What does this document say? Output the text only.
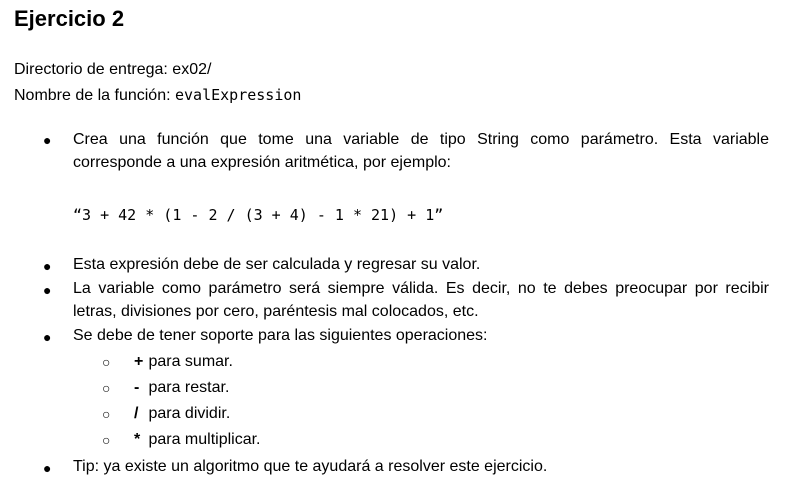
Ejercicio 2
Directorio de entrega: ex02/
Nombre de la función: evalExpression
● Crea una función que tome una variable de tipo String como parámetro. Esta variable corresponde a una expresión aritmética, por ejemplo:
“3 + 42 * (1 - 2 / (3 + 4) - 1 * 21) + 1”
● Esta expresión debe de ser calculada y regresar su valor.
● La variable como parámetro será siempre válida. Es decir, no te debes preocupar por recibir letras, divisiones por cero, paréntesis mal colocados, etc.
● Se debe de tener soporte para las siguientes operaciones:
○ + para sumar.
○ - para restar.
○ / para dividir.
○ * para multiplicar.
● Tip: ya existe un algoritmo que te ayudará a resolver este ejercicio.
